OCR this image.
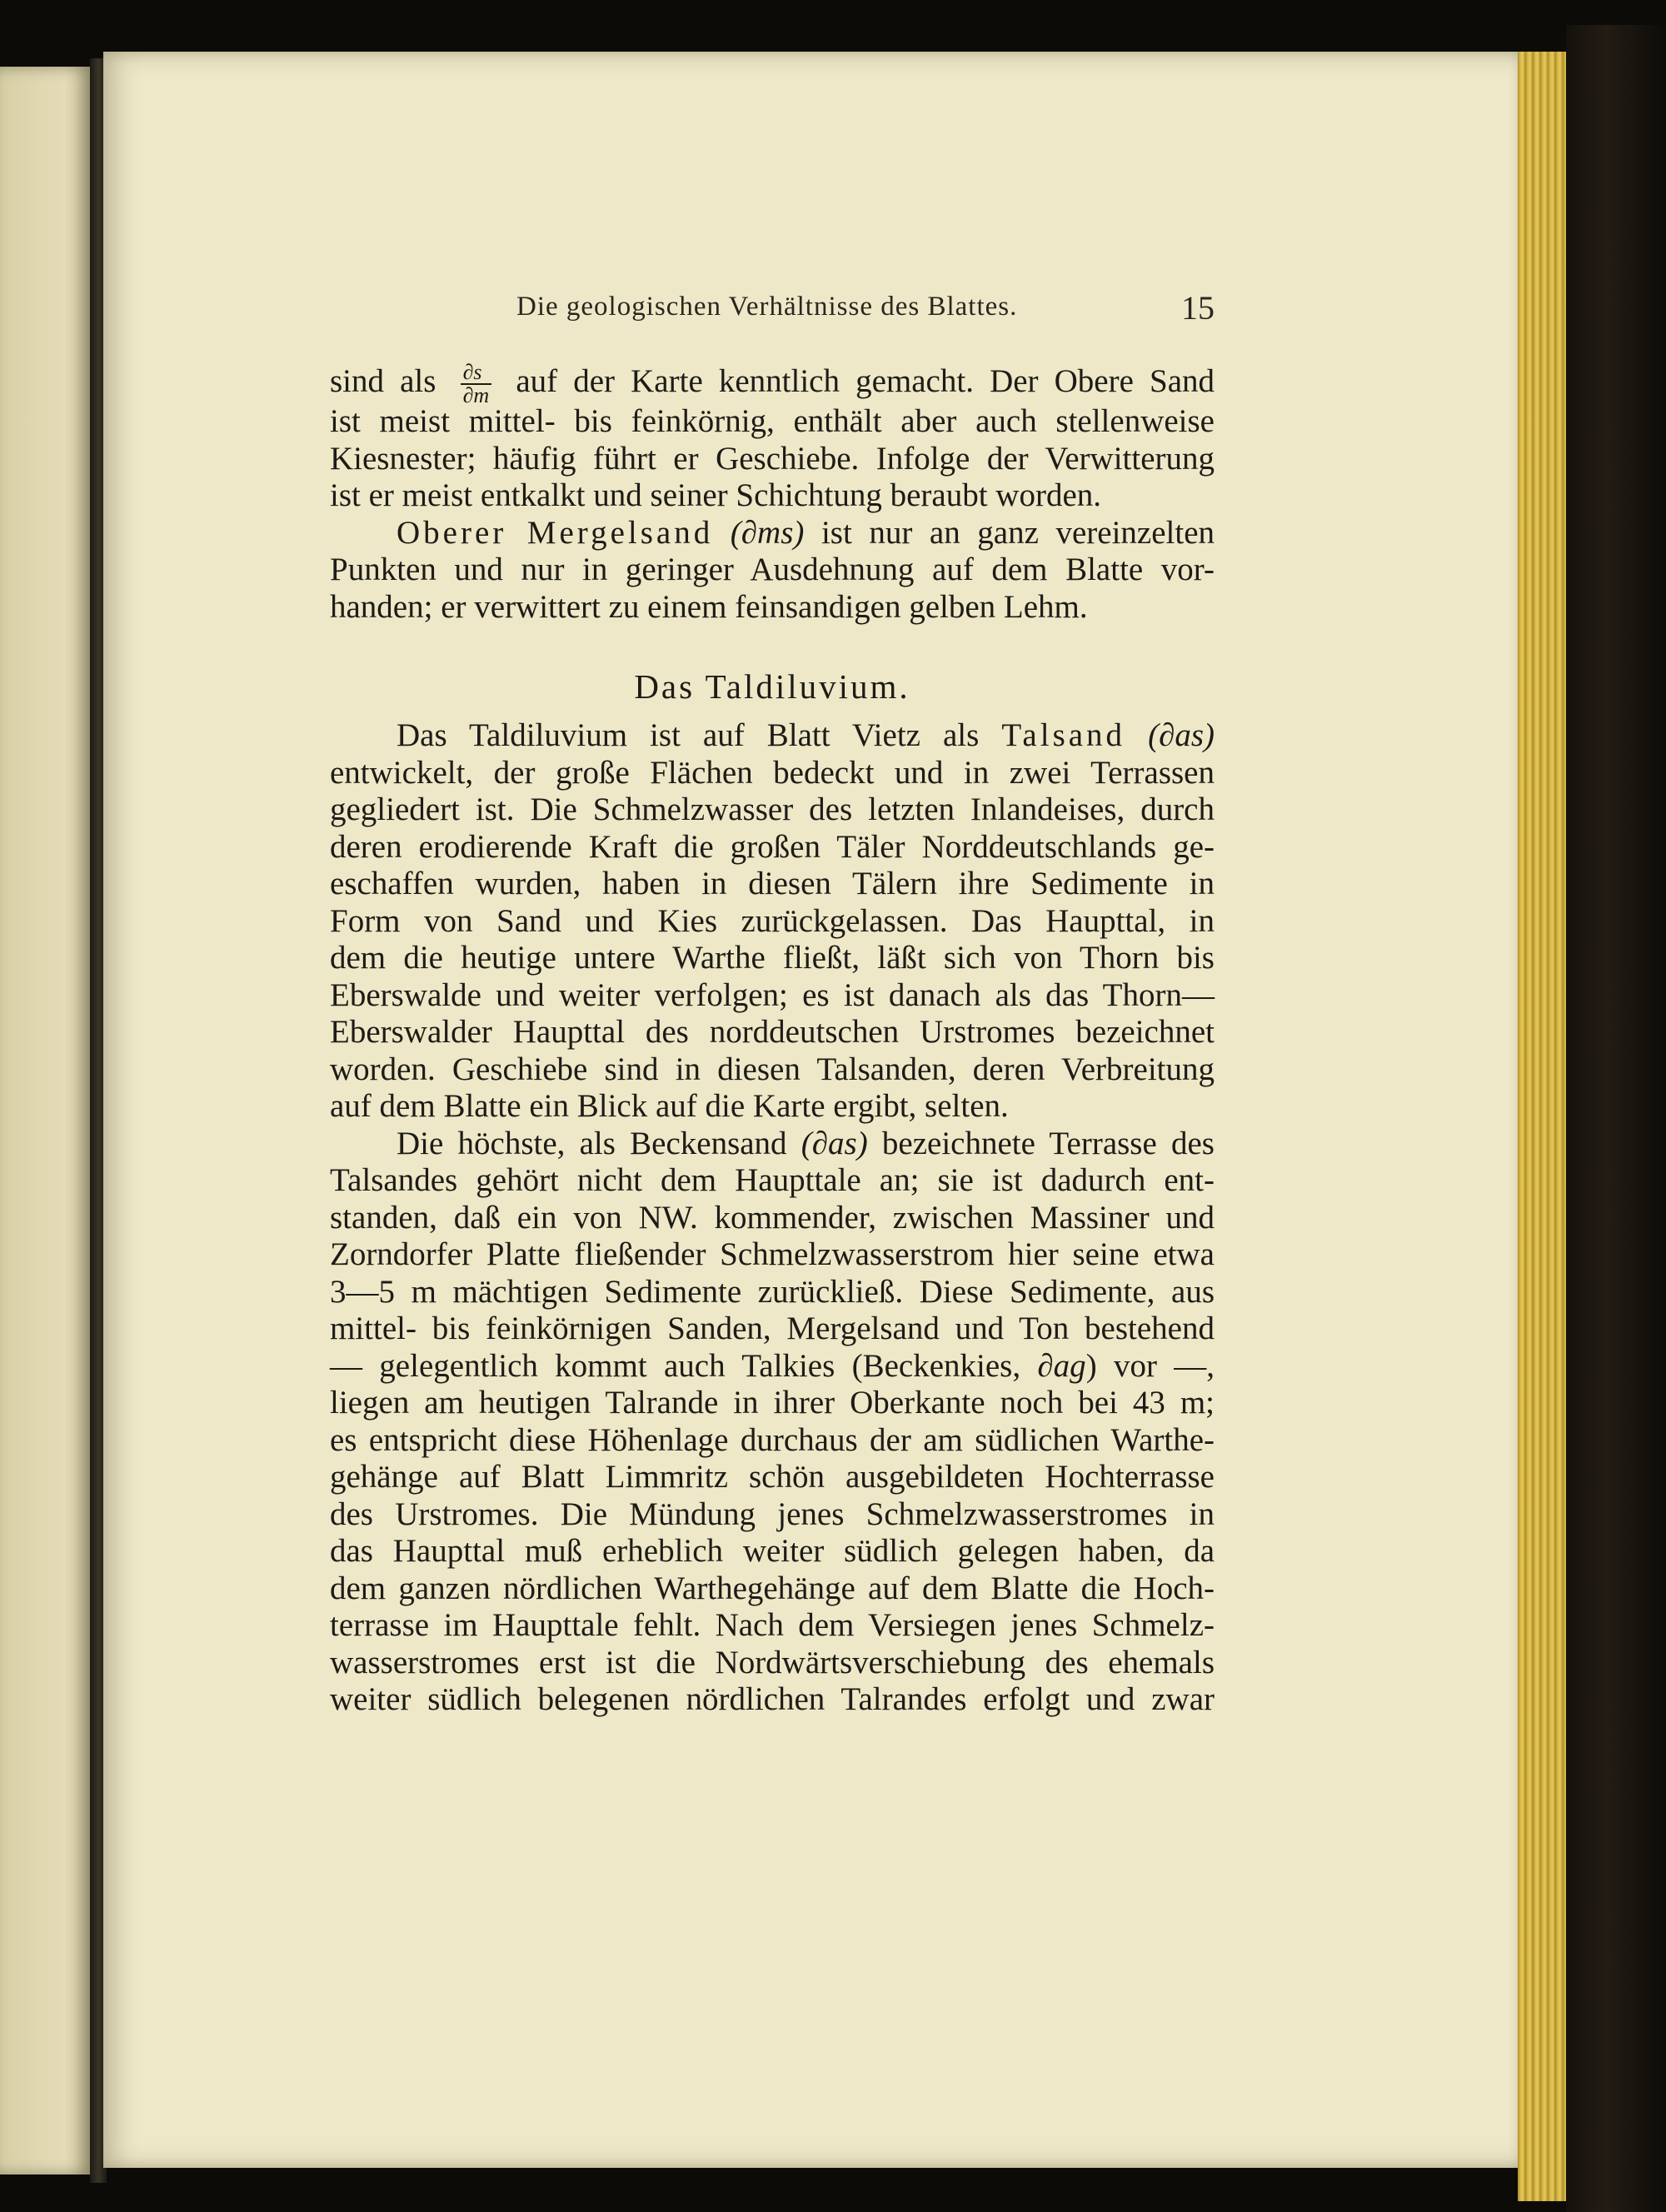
Die geologischen Verhältnisse des Blattes.	15
sind als $\frac{\partial s}{\partial m}$ auf der Karte kenntlich gemacht. Der Obere Sand
ist meist mittel- bis feinkörnig, enthält aber auch stellenweise
Kiesnester; häufig führt er Geschiebe. Infolge der Verwitterung
ist er meist entkalkt und seiner Schichtung beraubt worden.
Oberer Mergelsand (∂ms) ist nur an ganz vereinzelten
Punkten und nur in geringer Ausdehnung auf dem Blatte vor-
handen; er verwittert zu einem feinsandigen gelben Lehm.
Das Taldiluvium.
Das Taldiluvium ist auf Blatt Vietz als Talsand (∂as)
entwickelt, der große Flächen bedeckt und in zwei Terrassen
gegliedert ist. Die Schmelzwasser des letzten Inlandeises, durch
deren erodierende Kraft die großen Täler Norddeutschlands ge-
eschaffen wurden, haben in diesen Tälern ihre Sedimente in
Form von Sand und Kies zurückgelassen. Das Haupttal, in
dem die heutige untere Warthe fließt, läßt sich von Thorn bis
Eberswalde und weiter verfolgen; es ist danach als das Thorn—
Eberswalder Haupttal des norddeutschen Urstromes bezeichnet
worden. Geschiebe sind in diesen Talsanden, deren Verbreitung
auf dem Blatte ein Blick auf die Karte ergibt, selten.
Die höchste, als Beckensand (∂as) bezeichnete Terrasse des
Talsandes gehört nicht dem Haupttale an; sie ist dadurch ent-
standen, daß ein von NW. kommender, zwischen Massiner und
Zorndorfer Platte fließender Schmelzwasserstrom hier seine etwa
3—5 m mächtigen Sedimente zurückließ. Diese Sedimente, aus
mittel- bis feinkörnigen Sanden, Mergelsand und Ton bestehend
— gelegentlich kommt auch Talkies (Beckenkies, ∂ag) vor —,
liegen am heutigen Talrande in ihrer Oberkante noch bei 43 m;
es entspricht diese Höhenlage durchaus der am südlichen Warthe-
gehänge auf Blatt Limmritz schön ausgebildeten Hochterrasse
des Urstromes. Die Mündung jenes Schmelzwasserstromes in
das Haupttal muß erheblich weiter südlich gelegen haben, da
dem ganzen nördlichen Warthegehänge auf dem Blatte die Hoch-
terrasse im Haupttale fehlt. Nach dem Versiegen jenes Schmelz-
wasserstromes erst ist die Nordwärtsverschiebung des ehemals
weiter südlich belegenen nördlichen Talrandes erfolgt und zwar
